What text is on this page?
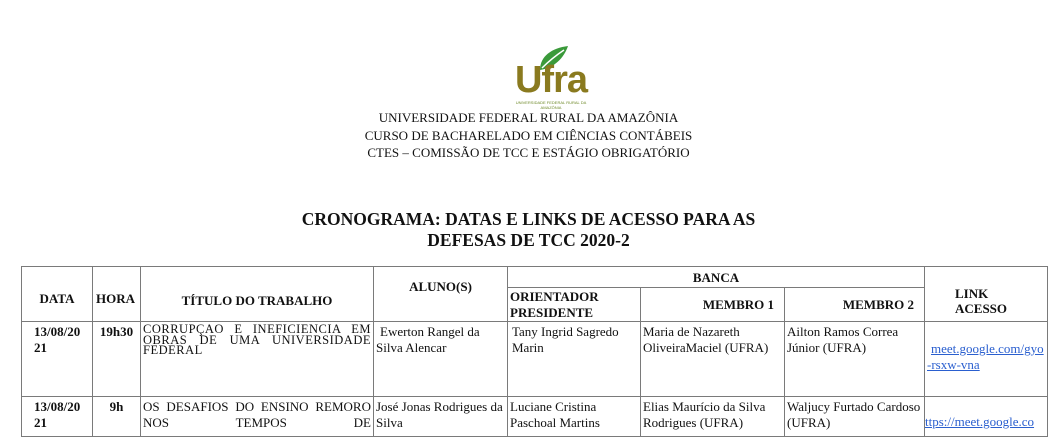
Ufra
UNIVERSIDADE FEDERAL RURAL DA AMAZÔNIA
UNIVERSIDADE FEDERAL RURAL DA AMAZÔNIA
CURSO DE BACHARELADO EM CIÊNCIAS CONTÁBEIS
CTES – COMISSÃO DE TCC E ESTÁGIO OBRIGATÓRIO
CRONOGRAMA: DATAS E LINKS DE ACESSO PARA AS
DEFESAS DE TCC 2020-2
DATA	HORA	TÍTULO DO TRABALHO	ALUNO(S)	BANCA			LINK ACESSO
				ORIENTADOR PRESIDENTE	MEMBRO 1	MEMBRO 2	
13/08/2021	19h30	CORRUPÇAO E INEFICIENCIA EM OBRAS DE UMA UNIVERSIDADE FEDERAL	Ewerton Rangel da Silva Alencar	Tany Ingrid Sagredo Marin	Maria de Nazareth OliveiraMaciel (UFRA)	Ailton Ramos Correa Júnior (UFRA)	meet.google.com/gyo-rsxw-vna
13/08/2021	9h	OS DESAFIOS DO ENSINO REMORO NOS TEMPOS DE	José Jonas Rodrigues da Silva	Luciane Cristina Paschoal Martins	Elias Maurício da Silva Rodrigues (UFRA)	Waljucy Furtado Cardoso (UFRA)	ttps://meet.google.co
